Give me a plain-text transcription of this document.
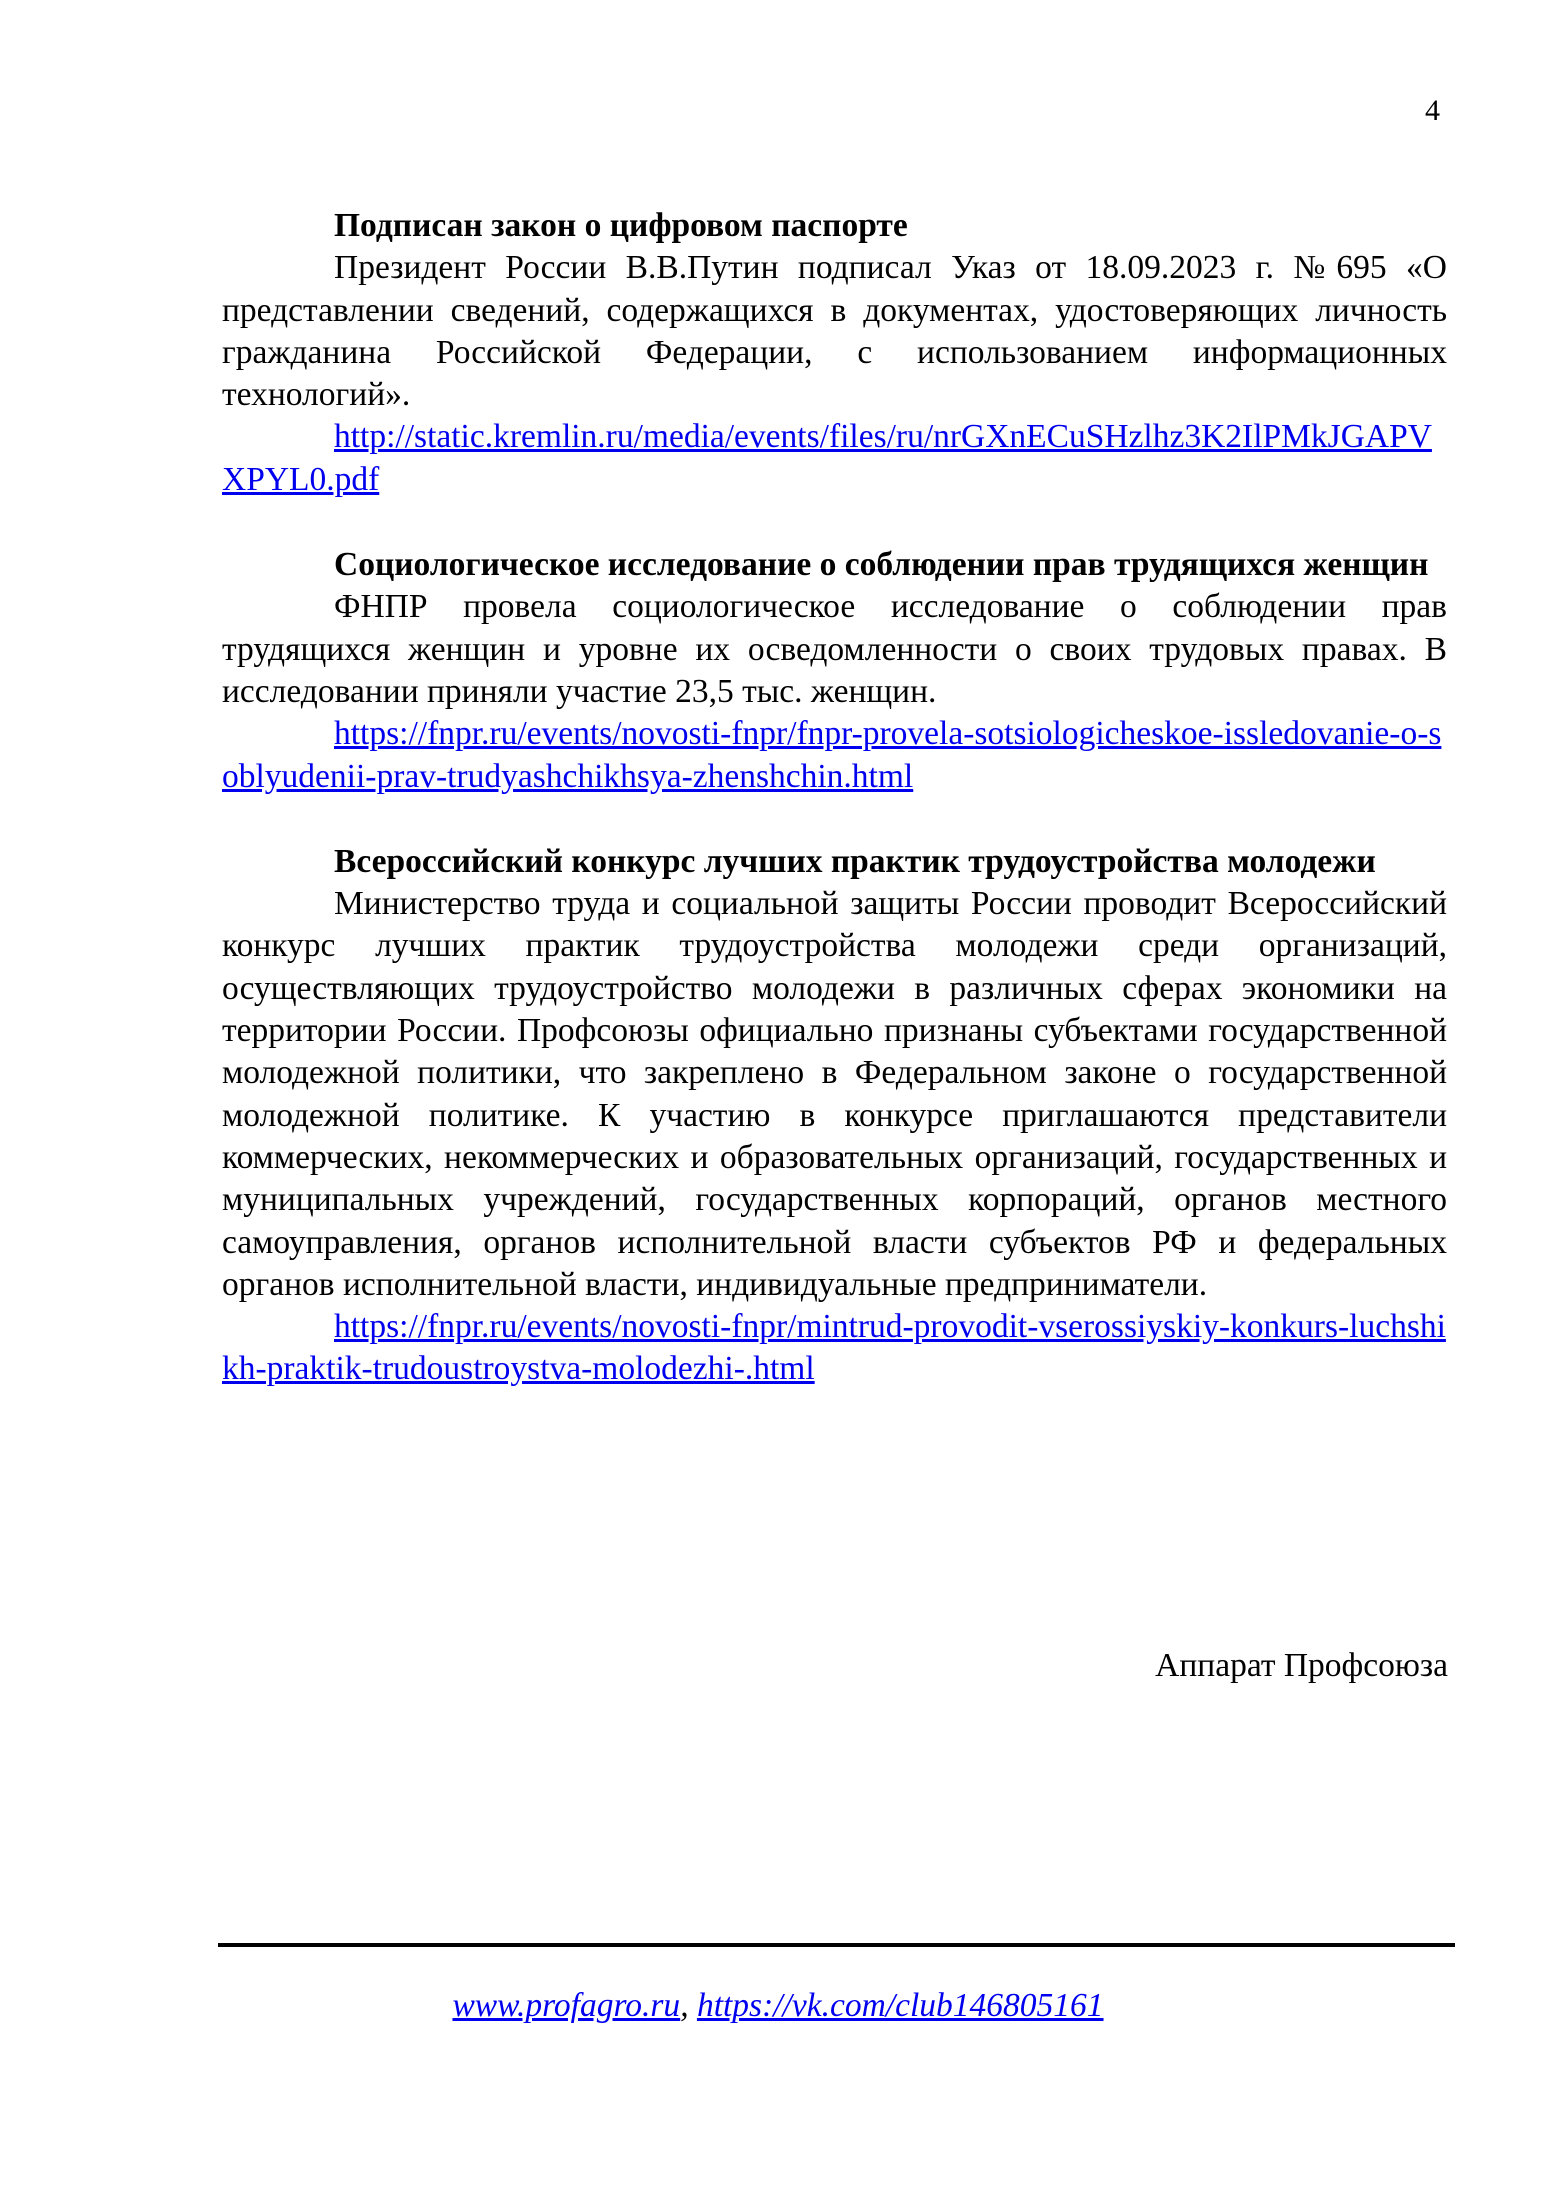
4

Подписан закон о цифровом паспорте

Президент России В.В.Путин подписал Указ от 18.09.2023 г. №695 «О представлении сведений, содержащихся в документах, удостоверяющих личность гражданина Российской Федерации, с использованием информационных технологий».

http://static.kremlin.ru/media/events/files/ru/nrGXnECuSHzlhz3K2IlPMkJGAPVXPYL0.pdf

Социологическое исследование о соблюдении прав трудящихся женщин

ФНПР провела социологическое исследование о соблюдении прав трудящихся женщин и уровне их осведомленности о своих трудовых правах. В исследовании приняли участие 23,5 тыс. женщин.

https://fnpr.ru/events/novosti-fnpr/fnpr-provela-sotsiologicheskoe-issledovanie-o-soblyudenii-prav-trudyashchikhsya-zhenshchin.html

Всероссийский конкурс лучших практик трудоустройства молодежи

Министерство труда и социальной защиты России проводит Всероссийский конкурс лучших практик трудоустройства молодежи среди организаций, осуществляющих трудоустройство молодежи в различных сферах экономики на территории России. Профсоюзы официально признаны субъектами государственной молодежной политики, что закреплено в Федеральном законе о государственной молодежной политике. К участию в конкурсе приглашаются представители коммерческих, некоммерческих и образовательных организаций, государственных и муниципальных учреждений, государственных корпораций, органов местного самоуправления, органов исполнительной власти субъектов РФ и федеральных органов исполнительной власти, индивидуальные предприниматели.

https://fnpr.ru/events/novosti-fnpr/mintrud-provodit-vserossiyskiy-konkurs-luchshikh-praktik-trudoustroystva-molodezhi-.html
Аппарат Профсоюза
www.profagro.ru, https://vk.com/club146805161
